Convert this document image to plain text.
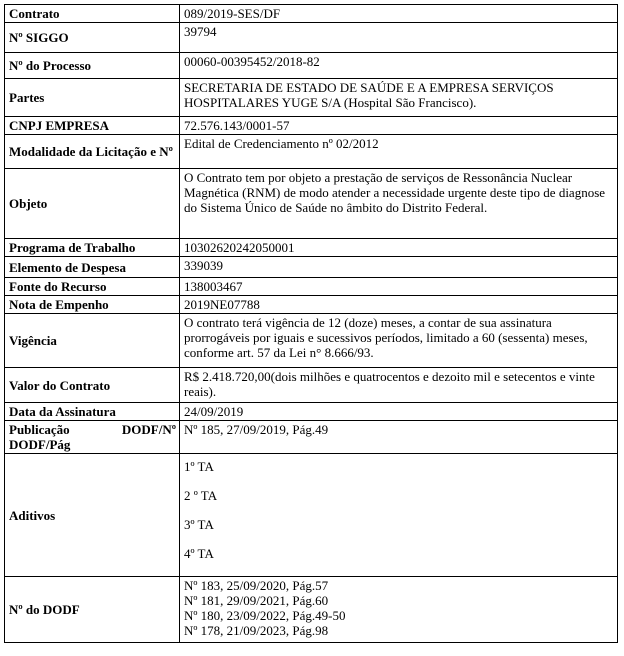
Contrato	089/2019-SES/DF
Nº SIGGO	39794
Nº do Processo	00060-00395452/2018-82
Partes	SECRETARIA DE ESTADO DE SAÚDE E A EMPRESA SERVIÇOS HOSPITALARES YUGE S/A (Hospital São Francisco).
CNPJ EMPRESA	72.576.143/0001-57
Modalidade da Licitação e Nº	Edital de Credenciamento nº 02/2012
Objeto	O Contrato tem por objeto a prestação de serviços de Ressonância Nuclear Magnética (RNM) de modo atender a necessidade urgente deste tipo de diagnose do Sistema Único de Saúde no âmbito do Distrito Federal.
Programa de Trabalho	10302620242050001
Elemento de Despesa	339039
Fonte do Recurso	138003467
Nota de Empenho	2019NE07788
Vigência	O contrato terá vigência de 12 (doze) meses, a contar de sua assinatura prorrogáveis por iguais e sucessivos períodos, limitado a 60 (sessenta) meses, conforme art. 57 da Lei n° 8.666/93.
Valor do Contrato	R$ 2.418.720,00(dois milhões e quatrocentos e dezoito mil e setecentos e vinte reais).
Data da Assinatura	24/09/2019

Publicação DODF/Nº
DODF/Pág	Nº 185, 27/09/2019, Pág.49
Aditivos	1º TA
2 º TA
3º TA
4º TA

Nº do DODF	Nº 183, 25/09/2020, Pág.57
Nº 181, 29/09/2021, Pág.60
Nº 180, 23/09/2022, Pág.49-50
Nº 178, 21/09/2023, Pág.98
